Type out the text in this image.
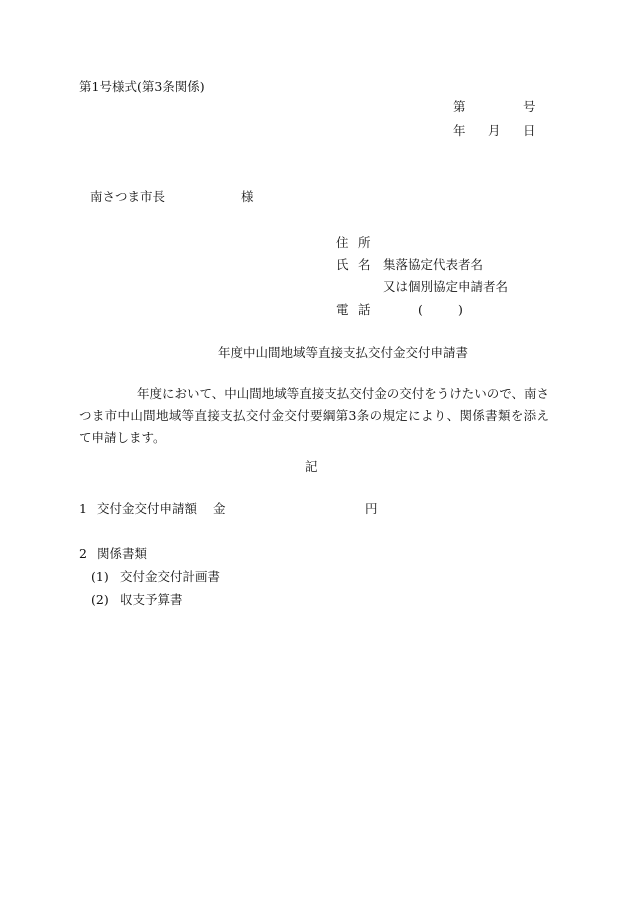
第1号様式(第3条関係)
第	号
年 月 日
南さつま市長	様
住 所
氏 名 集落協定代表者名
又は個別協定申請者名
電 話	(	)
年度中山間地域等直接支払交付金交付申請書
年度において、中山間地域等直接支払交付金の交付をうけたいので、南さつま市中山間地域等直接支払交付金交付要綱第3条の規定により、関係書類を添えて申請します。
記
1 交付金交付申請額 金	円
2 関係書類
(1) 交付金交付計画書
(2) 収支予算書
